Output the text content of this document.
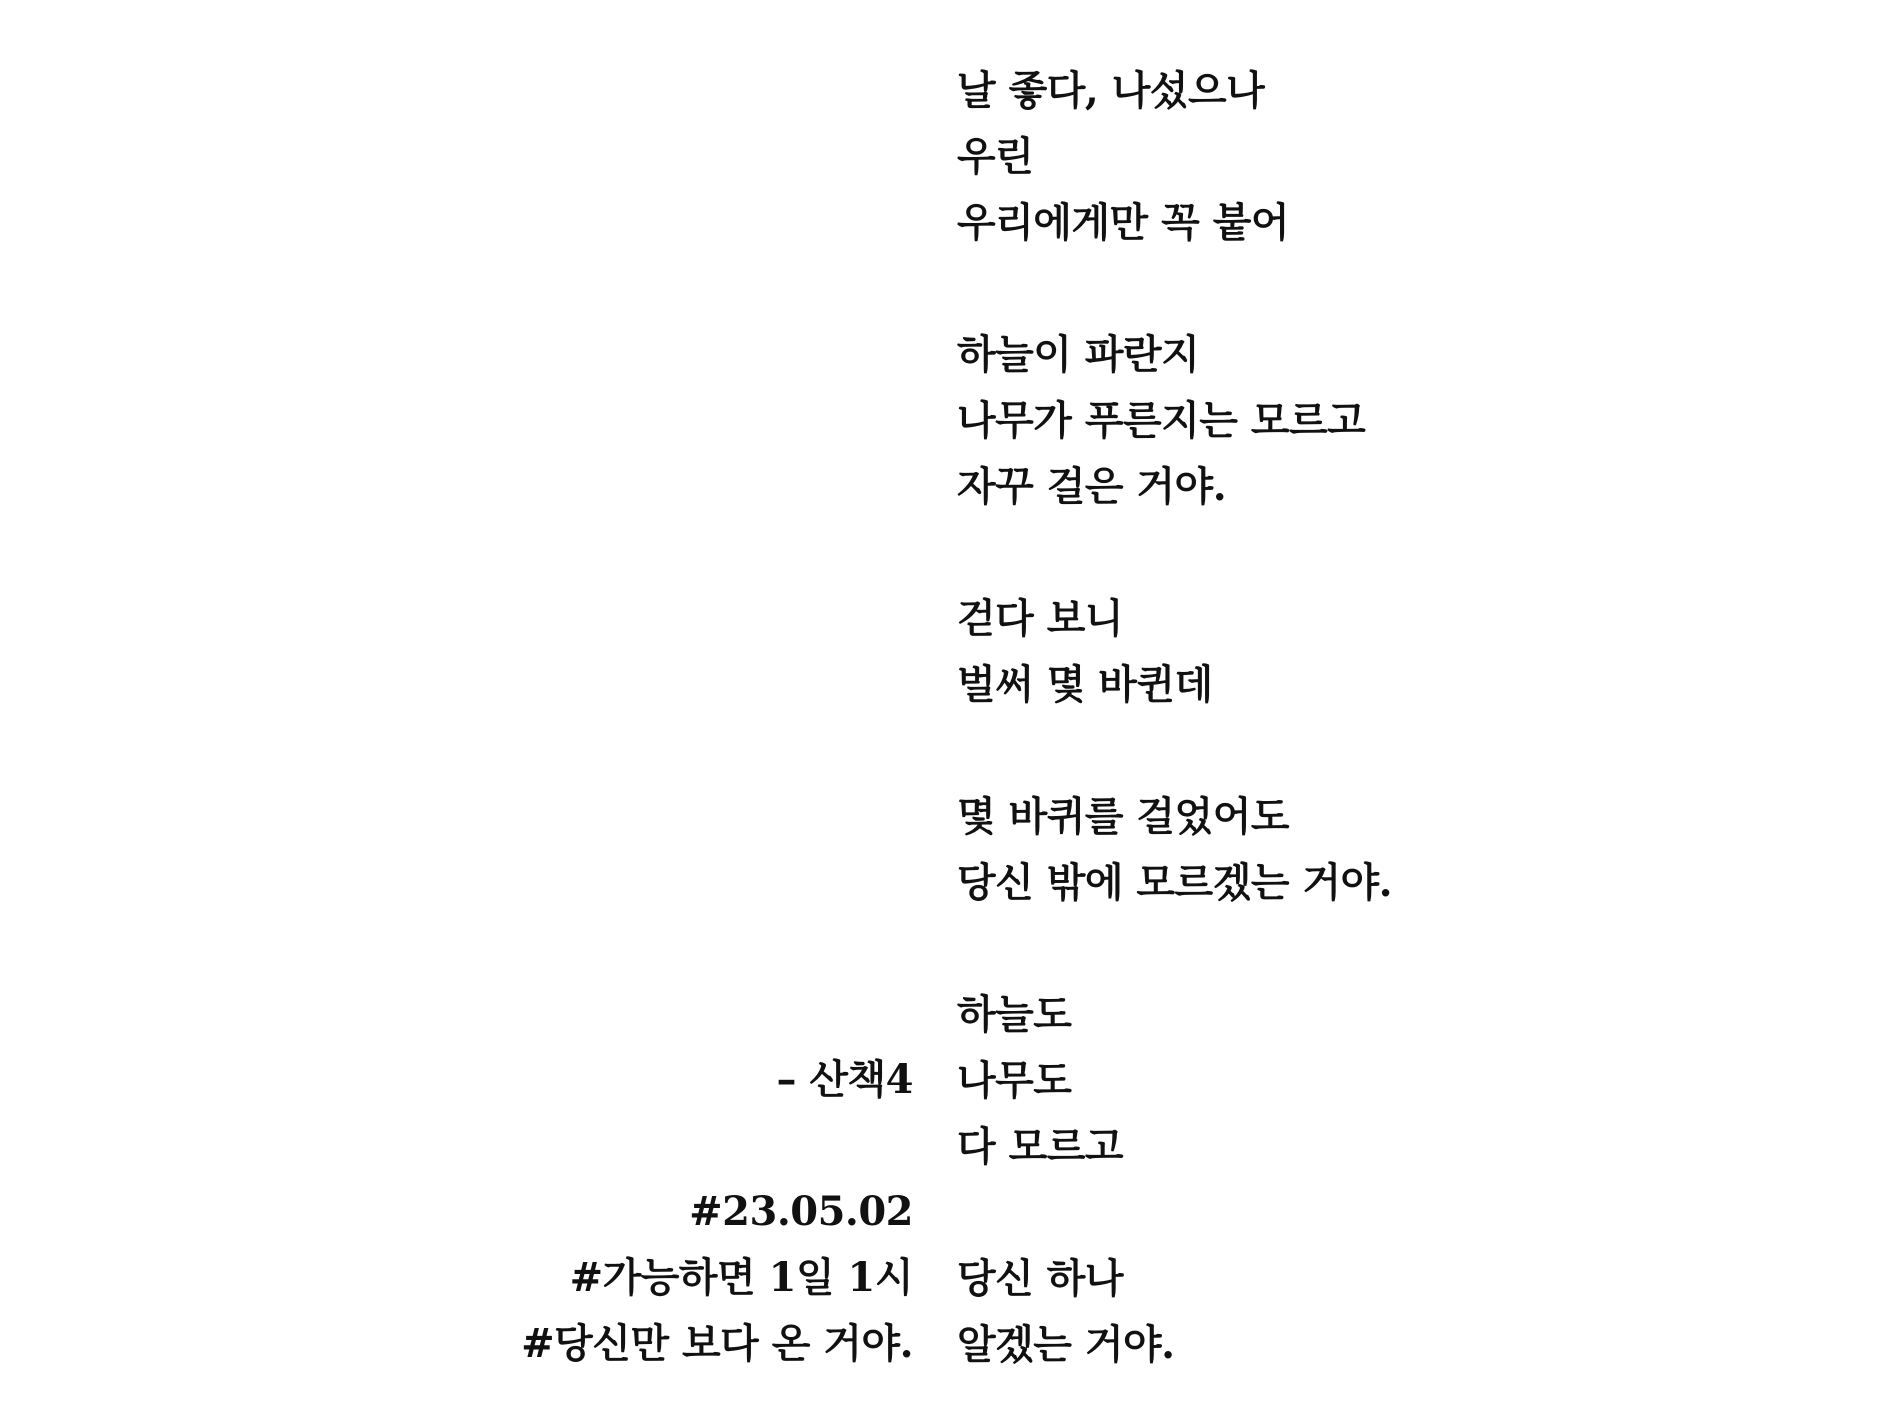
날 좋다, 나섰으나
우린
우리에게만 꼭 붙어
하늘이 파란지
나무가 푸른지는 모르고
자꾸 걸은 거야.
걷다 보니
벌써 몇 바퀸데
몇 바퀴를 걸었어도
당신 밖에 모르겠는 거야.
하늘도
나무도
다 모르고
당신 하나
알겠는 거야.
– 산책4
#23.05.02
#가능하면 1일 1시
#당신만 보다 온 거야.
